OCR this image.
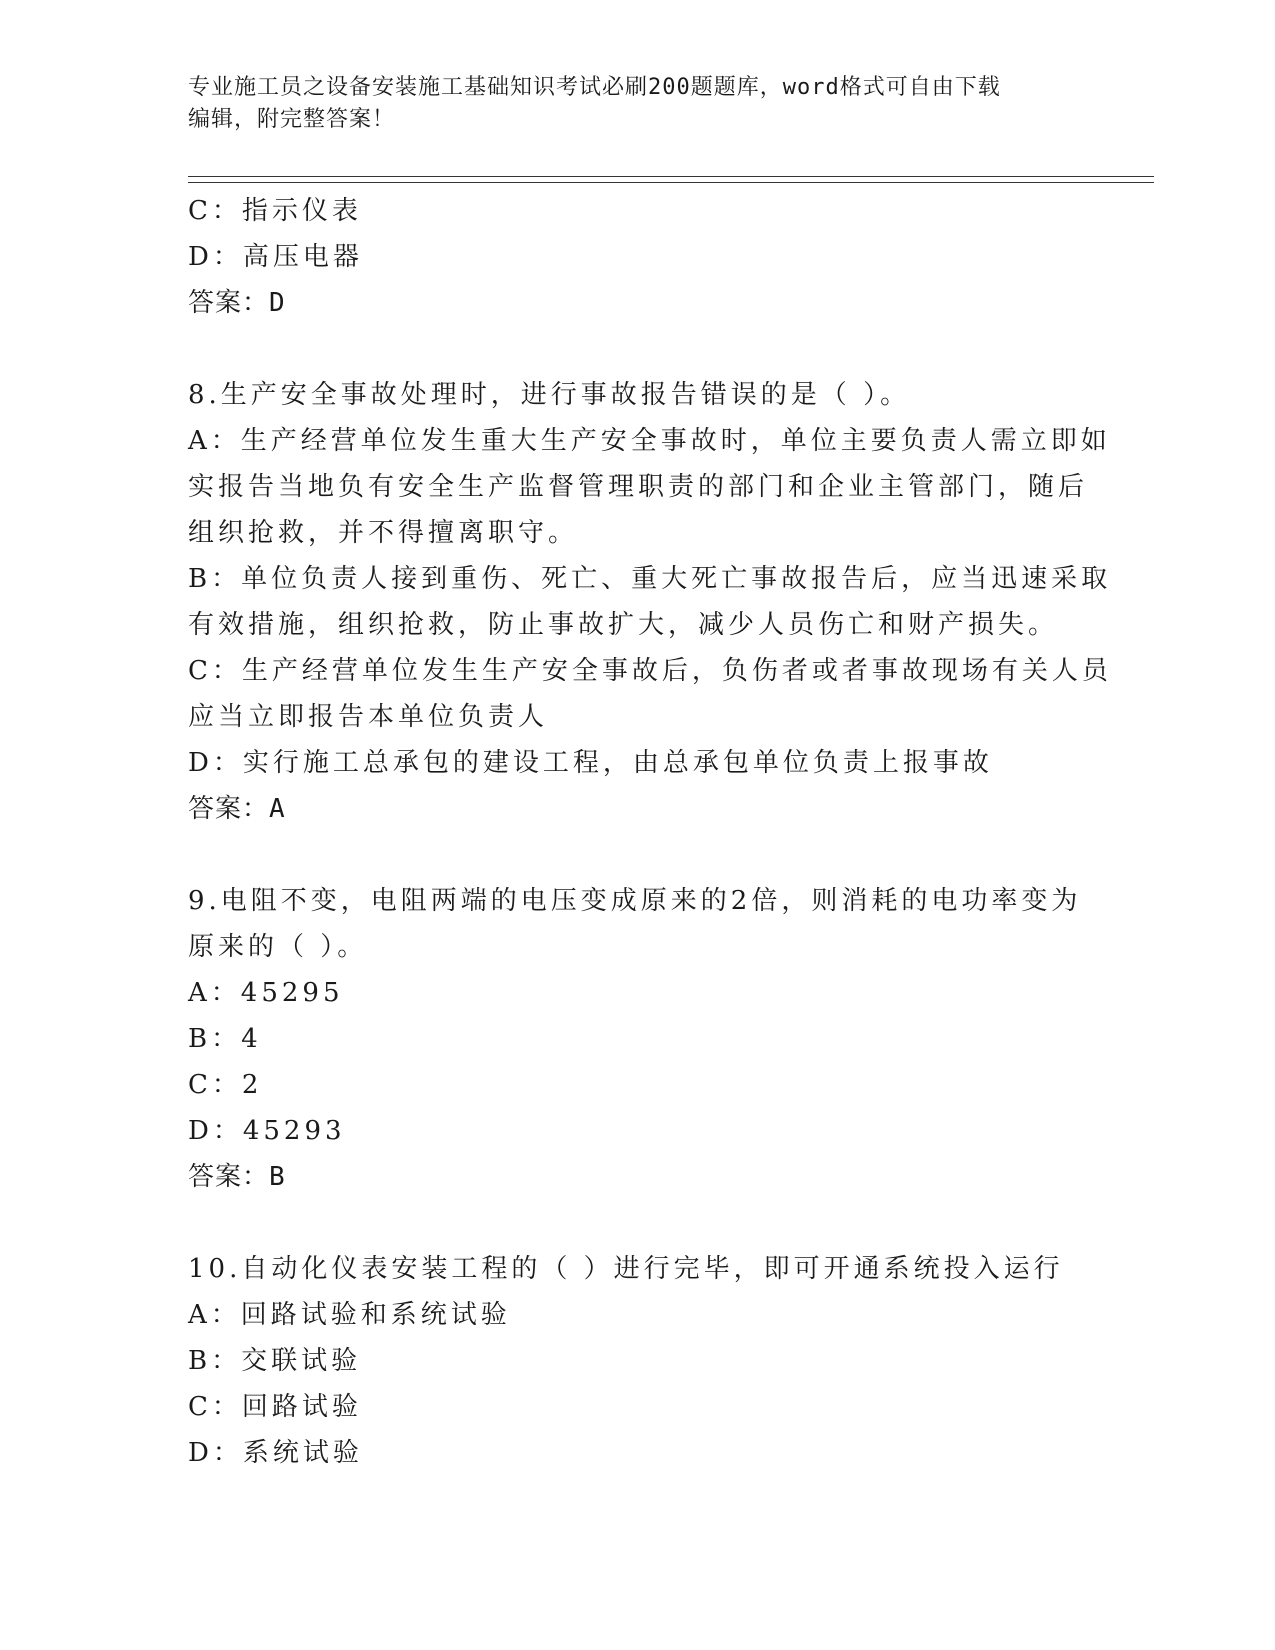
专业施工员之设备安装施工基础知识考试必刷200题题库，word格式可自由下载
编辑，附完整答案！
C：指示仪表
D：高压电器
答案：D
8.生产安全事故处理时，进行事故报告错误的是（ ）。
A：生产经营单位发生重大生产安全事故时，单位主要负责人需立即如
实报告当地负有安全生产监督管理职责的部门和企业主管部门，随后
组织抢救，并不得擅离职守。
B：单位负责人接到重伤、死亡、重大死亡事故报告后，应当迅速采取
有效措施，组织抢救，防止事故扩大，减少人员伤亡和财产损失。
C：生产经营单位发生生产安全事故后，负伤者或者事故现场有关人员
应当立即报告本单位负责人
D：实行施工总承包的建设工程，由总承包单位负责上报事故
答案：A
9.电阻不变，电阻两端的电压变成原来的2倍，则消耗的电功率变为
原来的（ ）。
A：45295
B：4
C：2
D：45293
答案：B
10.自动化仪表安装工程的（ ）进行完毕，即可开通系统投入运行
A：回路试验和系统试验
B：交联试验
C：回路试验
D：系统试验
